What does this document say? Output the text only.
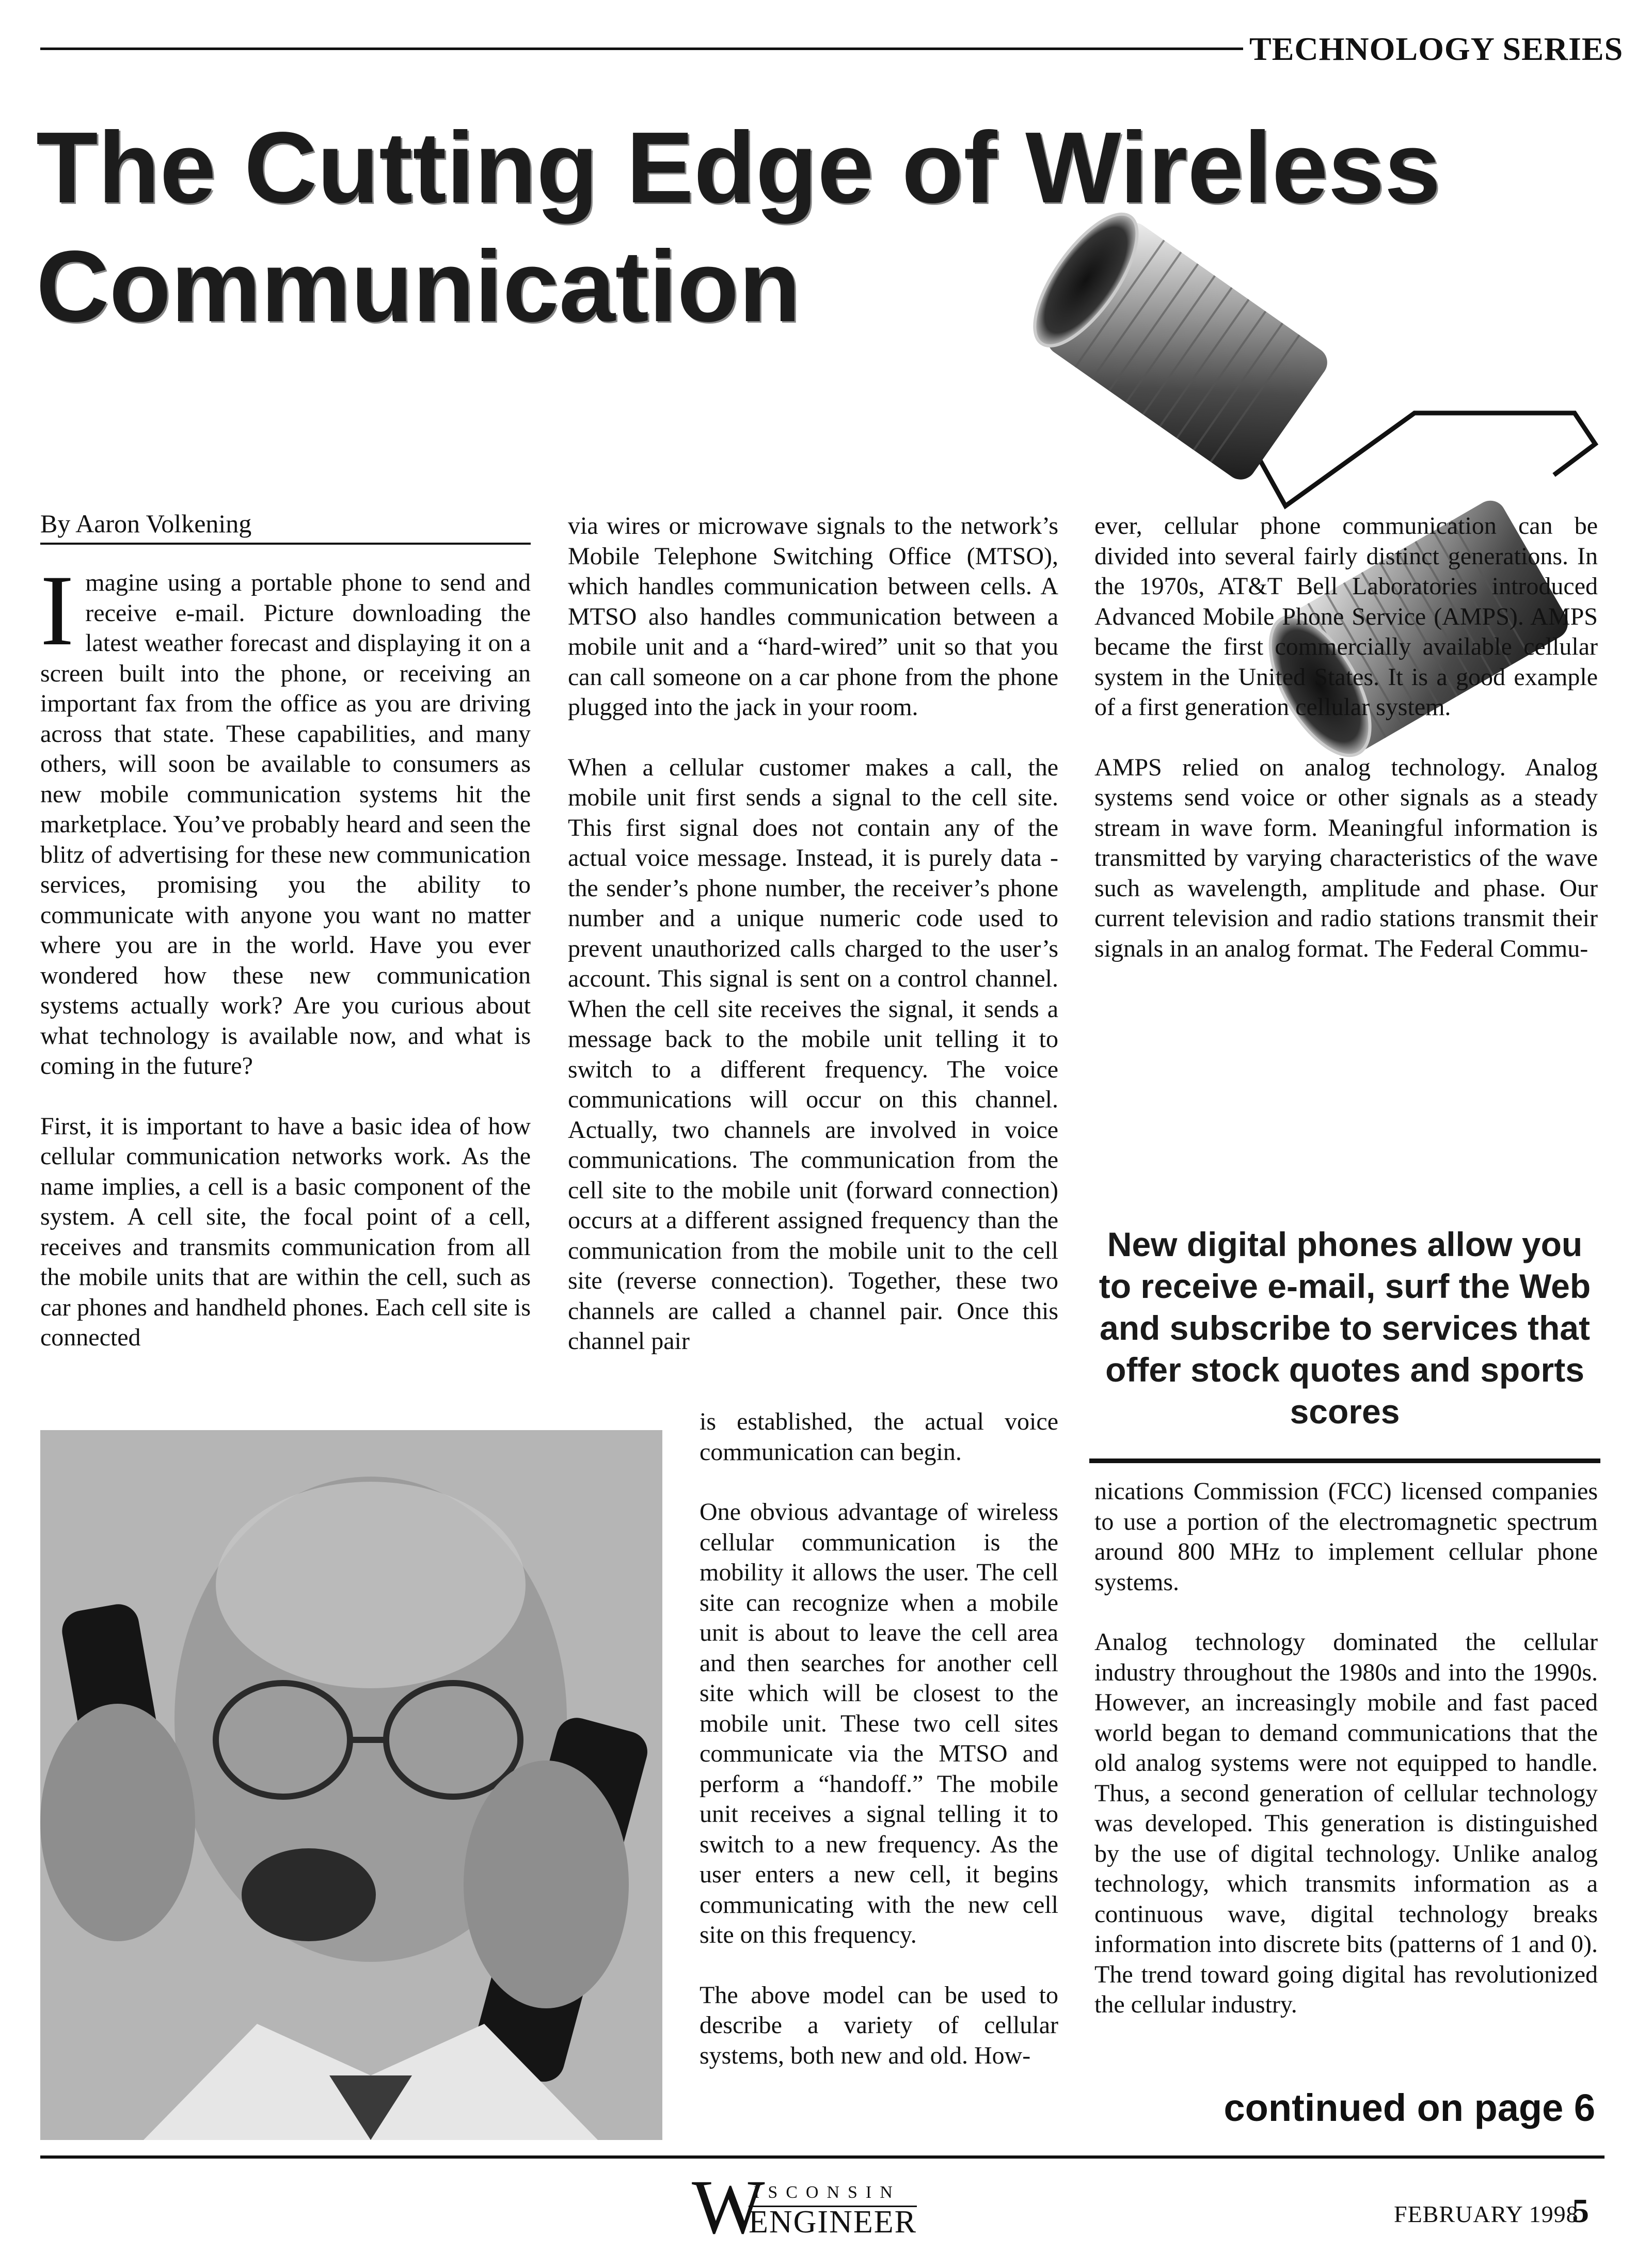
TECHNOLOGY SERIES
The Cutting Edge of Wireless
Communication
By Aaron Volkening

Imagine using a portable phone to send and receive e-mail. Picture downloading the latest weather forecast and displaying it on a screen built into the phone, or receiving an important fax from the office as you are driving across that state. These capabilities, and many others, will soon be available to consumers as new mobile communication systems hit the marketplace. You’ve probably heard and seen the blitz of advertising for these new communication services, promising you the ability to communicate with anyone you want no matter where you are in the world. Have you ever wondered how these new communication systems actually work? Are you curious about what technology is available now, and what is coming in the future?

First, it is important to have a basic idea of how cellular communication networks work. As the name implies, a cell is a basic component of the system. A cell site, the focal point of a cell, receives and transmits communication from all the mobile units that are within the cell, such as car phones and handheld phones. Each cell site is connected

via wires or microwave signals to the network’s Mobile Telephone Switching Office (MTSO), which handles communication between cells. A MTSO also handles communication between a mobile unit and a “hard-wired” unit so that you can call someone on a car phone from the phone plugged into the jack in your room.

When a cellular customer makes a call, the mobile unit first sends a signal to the cell site. This first signal does not contain any of the actual voice message. Instead, it is purely data - the sender’s phone number, the receiver’s phone number and a unique numeric code used to prevent unauthorized calls charged to the user’s account. This signal is sent on a control channel. When the cell site receives the signal, it sends a message back to the mobile unit telling it to switch to a different frequency. The voice communications will occur on this channel. Actually, two channels are involved in voice communications. The communication from the cell site to the mobile unit (forward connection) occurs at a different assigned frequency than the communication from the mobile unit to the cell site (reverse connection). Together, these two channels are called a channel pair. Once this channel pair

is established, the actual voice communication can begin.

One obvious advantage of wireless cellular communication is the mobility it allows the user. The cell site can recognize when a mobile unit is about to leave the cell area and then searches for another cell site which will be closest to the mobile unit. These two cell sites communicate via the MTSO and perform a “handoff.” The mobile unit receives a signal telling it to switch to a new frequency. As the user enters a new cell, it begins communicating with the new cell site on this frequency.

The above model can be used to describe a variety of cellular systems, both new and old. How-

ever, cellular phone communication can be divided into several fairly distinct generations. In the 1970s, AT&T Bell Laboratories introduced Advanced Mobile Phone Service (AMPS). AMPS became the first commercially available cellular system in the United States. It is a good example of a first generation cellular system.

AMPS relied on analog technology. Analog systems send voice or other signals as a steady stream in wave form. Meaningful information is transmitted by varying characteristics of the wave such as wavelength, amplitude and phase. Our current television and radio stations transmit their signals in an analog format. The Federal Commu-

New digital phones allow you to receive e-mail, surf the Web and subscribe to services that offer stock quotes and sports scores

nications Commission (FCC) licensed companies to use a portion of the electromagnetic spectrum around 800 MHz to implement cellular phone systems.

Analog technology dominated the cellular industry throughout the 1980s and into the 1990s. However, an increasingly mobile and fast paced world began to demand communications that the old analog systems were not equipped to handle. Thus, a second generation of cellular technology was developed. This generation is distinguished by the use of digital technology. Unlike analog technology, which transmits information as a continuous wave, digital technology breaks information into discrete bits (patterns of 1 and 0). The trend toward going digital has revolutionized the cellular industry.

continued on page 6
W
ISCONSIN
ENGINEER	FEBRUARY 1998
5
